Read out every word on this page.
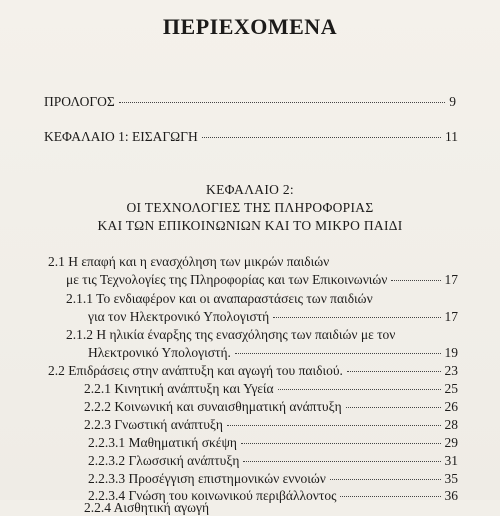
ΠΕΡΙΕΧΟΜΕΝΑ
ΠΡΟΛΟΓΟΣ	9
ΚΕΦΑΛΑΙΟ 1: ΕΙΣΑΓΩΓΗ	11
ΚΕΦΑΛΑΙΟ 2:
ΟΙ ΤΕΧΝΟΛΟΓΙΕΣ ΤΗΣ ΠΛΗΡΟΦΟΡΙΑΣ
ΚΑΙ ΤΩΝ ΕΠΙΚΟΙΝΩΝΙΩΝ ΚΑΙ ΤΟ ΜΙΚΡΟ ΠΑΙΔΙ
2.1 Η επαφή και η ενασχόληση των μικρών παιδιών
με τις Τεχνολογίες της Πληροφορίας και των Επικοινωνιών	17
2.1.1 Το ενδιαφέρον και οι αναπαραστάσεις των παιδιών
για τον Ηλεκτρονικό Υπολογιστή	17
2.1.2 Η ηλικία έναρξης της ενασχόλησης των παιδιών με τον
Ηλεκτρονικό Υπολογιστή.	19
2.2 Επιδράσεις στην ανάπτυξη και αγωγή του παιδιού.	23
2.2.1 Κινητική ανάπτυξη και Υγεία	25
2.2.2 Κοινωνική και συναισθηματική ανάπτυξη	26
2.2.3 Γνωστική ανάπτυξη	28
2.2.3.1 Μαθηματική σκέψη	29
2.2.3.2 Γλωσσική ανάπτυξη	31
2.2.3.3 Προσέγγιση επιστημονικών εννοιών	35
2.2.3.4 Γνώση του κοινωνικού περιβάλλοντος	36
2.2.4 Αισθητική αγωγή
